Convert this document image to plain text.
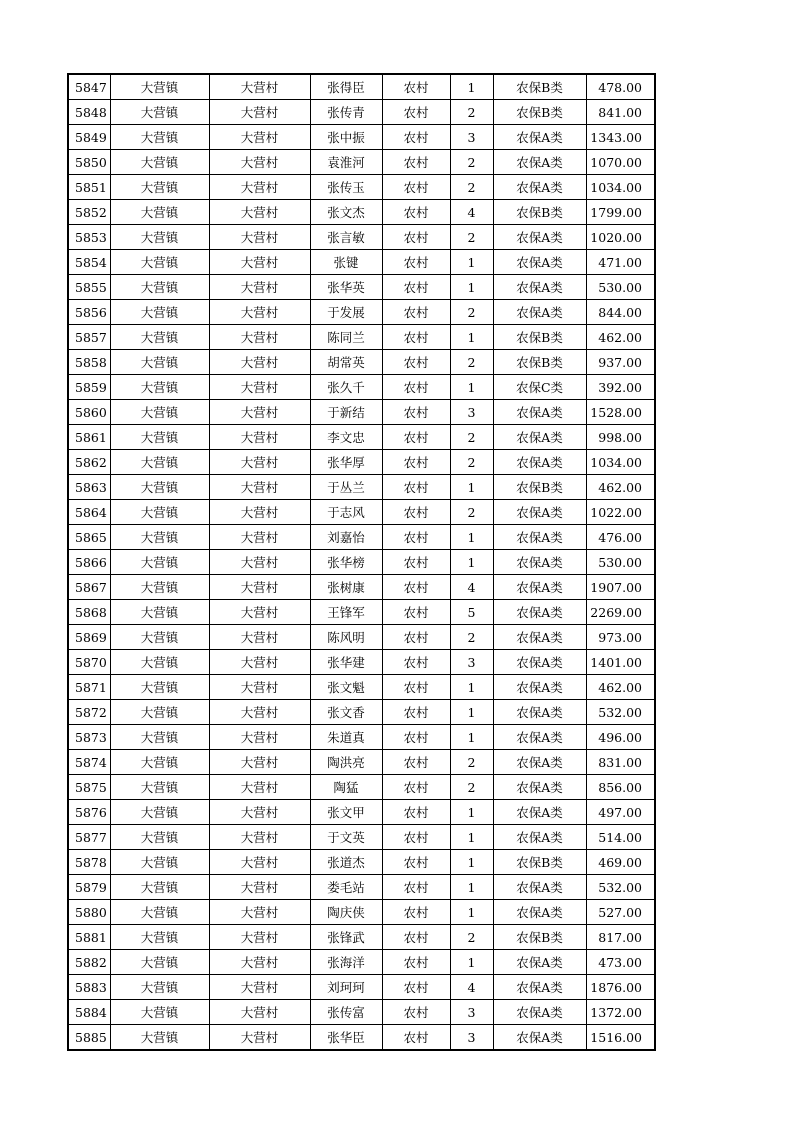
5847	大营镇	大营村	张得臣	农村	1	农保B类	478.00
5848	大营镇	大营村	张传青	农村	2	农保B类	841.00
5849	大营镇	大营村	张中振	农村	3	农保A类	1343.00
5850	大营镇	大营村	袁淮河	农村	2	农保A类	1070.00
5851	大营镇	大营村	张传玉	农村	2	农保A类	1034.00
5852	大营镇	大营村	张文杰	农村	4	农保B类	1799.00
5853	大营镇	大营村	张言敏	农村	2	农保A类	1020.00
5854	大营镇	大营村	张键	农村	1	农保A类	471.00
5855	大营镇	大营村	张华英	农村	1	农保A类	530.00
5856	大营镇	大营村	于发展	农村	2	农保A类	844.00
5857	大营镇	大营村	陈同兰	农村	1	农保B类	462.00
5858	大营镇	大营村	胡常英	农村	2	农保B类	937.00
5859	大营镇	大营村	张久千	农村	1	农保C类	392.00
5860	大营镇	大营村	于新结	农村	3	农保A类	1528.00
5861	大营镇	大营村	李文忠	农村	2	农保A类	998.00
5862	大营镇	大营村	张华厚	农村	2	农保A类	1034.00
5863	大营镇	大营村	于丛兰	农村	1	农保B类	462.00
5864	大营镇	大营村	于志风	农村	2	农保A类	1022.00
5865	大营镇	大营村	刘嘉怡	农村	1	农保A类	476.00
5866	大营镇	大营村	张华榜	农村	1	农保A类	530.00
5867	大营镇	大营村	张树康	农村	4	农保A类	1907.00
5868	大营镇	大营村	王锋军	农村	5	农保A类	2269.00
5869	大营镇	大营村	陈风明	农村	2	农保A类	973.00
5870	大营镇	大营村	张华建	农村	3	农保A类	1401.00
5871	大营镇	大营村	张文魁	农村	1	农保A类	462.00
5872	大营镇	大营村	张文香	农村	1	农保A类	532.00
5873	大营镇	大营村	朱道真	农村	1	农保A类	496.00
5874	大营镇	大营村	陶洪亮	农村	2	农保A类	831.00
5875	大营镇	大营村	陶猛	农村	2	农保A类	856.00
5876	大营镇	大营村	张文甲	农村	1	农保A类	497.00
5877	大营镇	大营村	于文英	农村	1	农保A类	514.00
5878	大营镇	大营村	张道杰	农村	1	农保B类	469.00
5879	大营镇	大营村	娄毛站	农村	1	农保A类	532.00
5880	大营镇	大营村	陶庆侠	农村	1	农保A类	527.00
5881	大营镇	大营村	张锋武	农村	2	农保B类	817.00
5882	大营镇	大营村	张海洋	农村	1	农保A类	473.00
5883	大营镇	大营村	刘珂珂	农村	4	农保A类	1876.00
5884	大营镇	大营村	张传富	农村	3	农保A类	1372.00
5885	大营镇	大营村	张华臣	农村	3	农保A类	1516.00
